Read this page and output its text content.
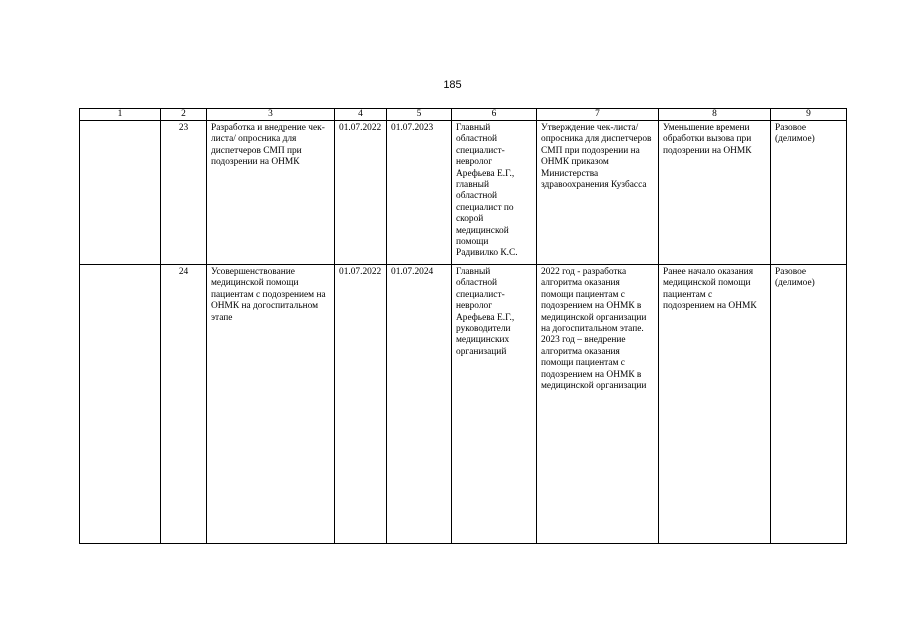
185
1	2	3	4	5	6	7	8	9
	23	Разработка и внедрение чек-листа/ опросника для диспетчеров СМП при подозрении на ОНМК	01.07.2022	01.07.2023	Главный областной специалист-невролог Арефьева Е.Г., главный областной специалист по скорой медицинской помощи Радивилко К.С.	Утверждение чек-листа/ опросника для диспетчеров СМП при подозрении на ОНМК приказом Министерства здравоохранения Кузбасса	Уменьшение времени обработки вызова при подозрении на ОНМК	Разовое (делимое)
	24	Усовершенствование медицинской помощи пациентам с подозрением на ОНМК на догоспитальном этапе	01.07.2022	01.07.2024	Главный областной специалист-невролог Арефьева Е.Г., руководители медицинских организаций	2022 год - разработка алгоритма оказания помощи пациентам с подозрением на ОНМК в медицинской организации на догоспитальном этапе. 2023 год – внедрение алгоритма оказания помощи пациентам с подозрением на ОНМК в медицинской организации	Ранее начало оказания медицинской помощи пациентам с подозрением на ОНМК	Разовое (делимое)
